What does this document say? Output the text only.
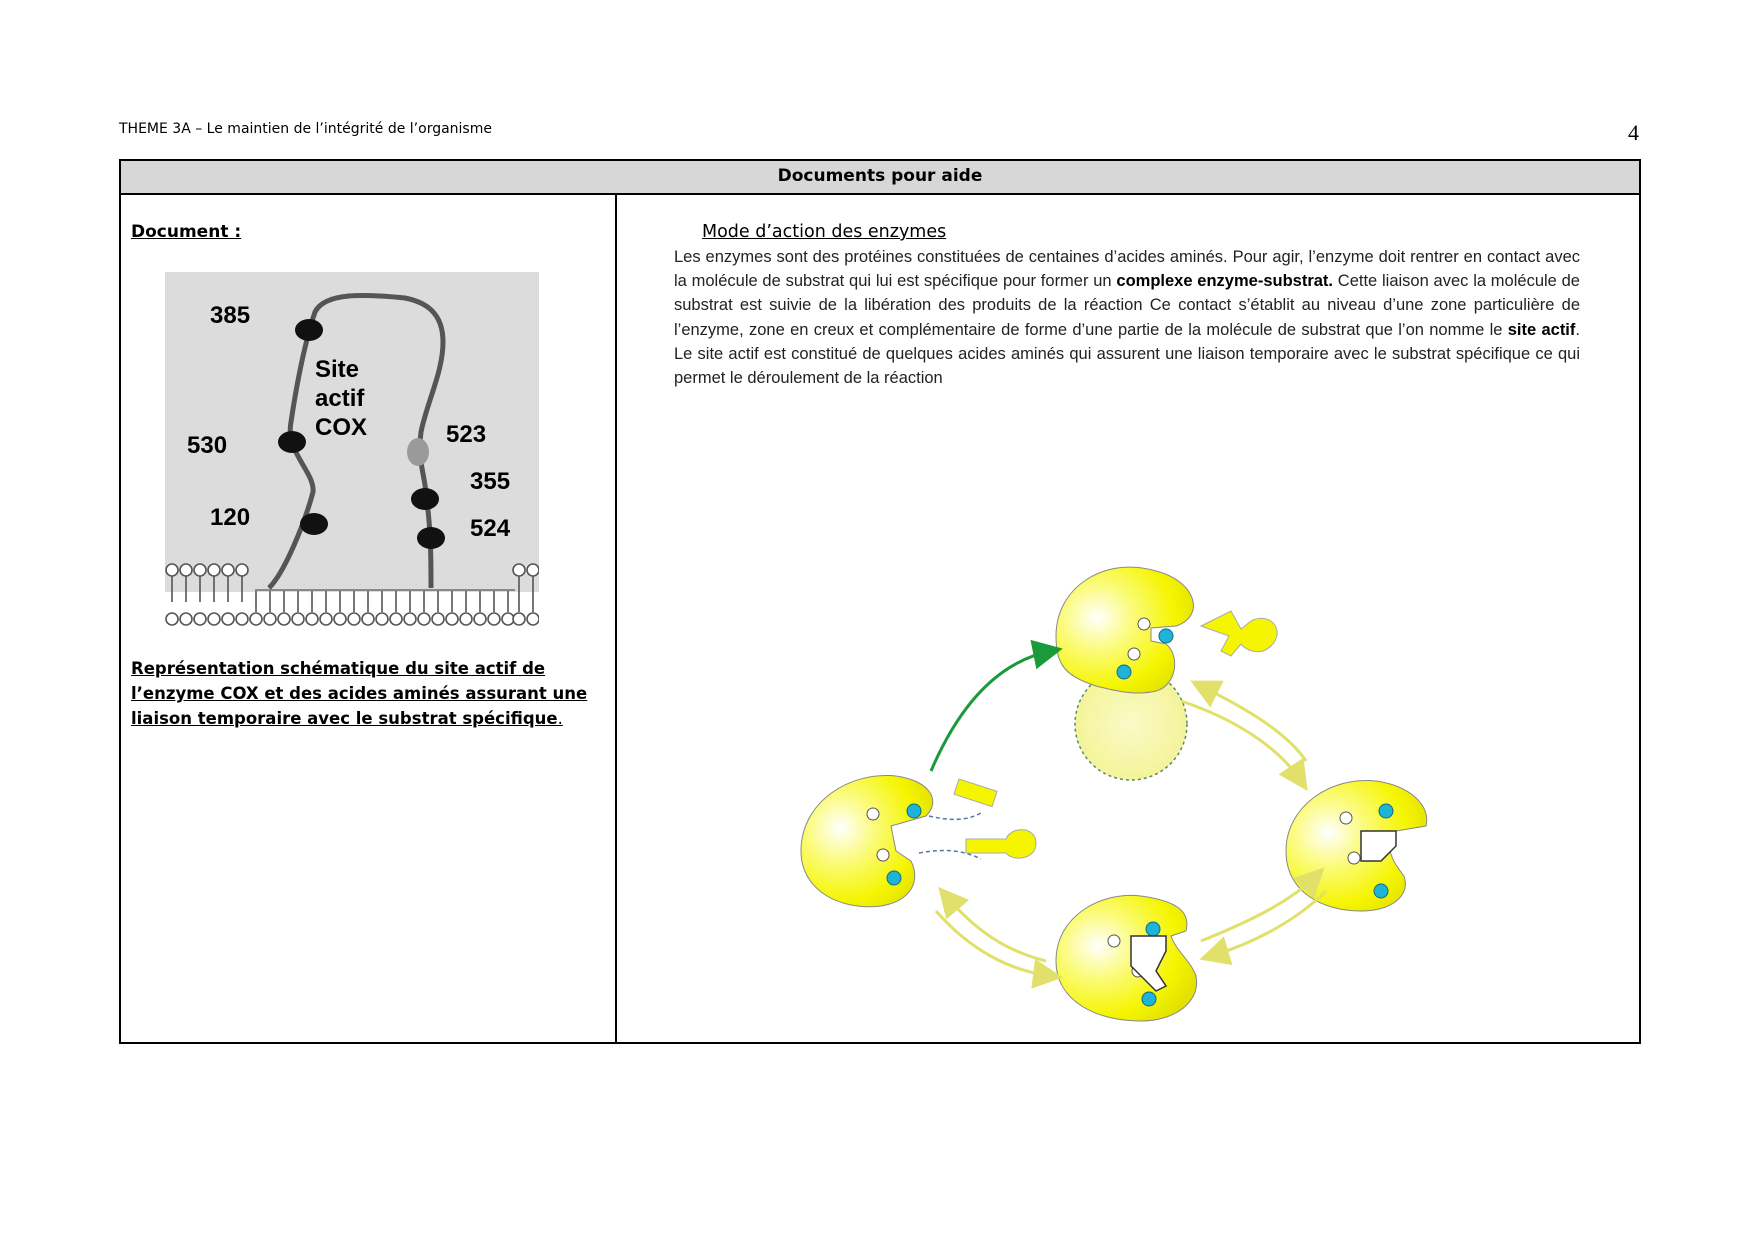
THEME 3A – Le maintien de l’intégrité de l’organisme	4
Documents pour aide
Document :
385
530
120
523
355
524
Site
actif
COX
Représentation schématique du site actif de l’enzyme COX et des acides aminés assurant une liaison temporaire avec le substrat spécifique.
Mode d’action des enzymes
Les enzymes sont des protéines constituées de centaines d’acides aminés. Pour agir, l’enzyme doit rentrer en contact avec la molécule de substrat qui lui est spécifique pour former un complexe enzyme-substrat. Cette liaison avec la molécule de substrat est suivie de la libération des produits de la réaction Ce contact s’établit au niveau d’une zone particulière de l’enzyme, zone en creux et complémentaire de forme d’une partie de la molécule de substrat que l’on nomme le site actif. Le site actif est constitué de quelques acides aminés qui assurent une liaison temporaire avec le substrat spécifique ce qui permet le déroulement de la réaction
